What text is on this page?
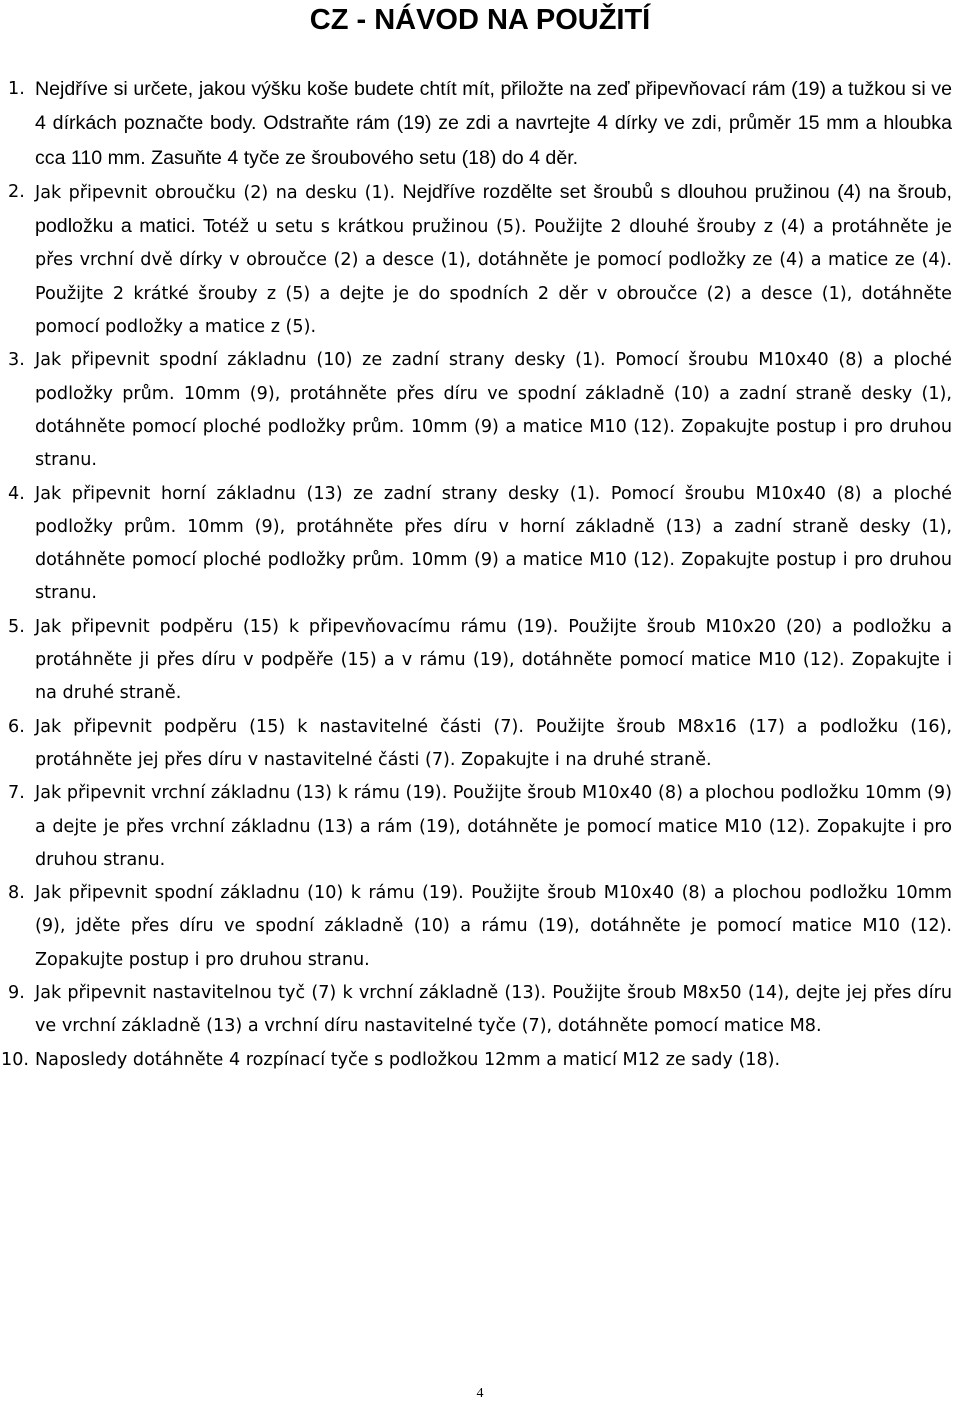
CZ - NÁVOD NA POUŽITÍ
1. Nejdříve si určete, jakou výšku koše budete chtít mít, přiložte na zeď připevňovací rám (19) a tužkou si ve 4 dírkách poznačte body. Odstraňte rám (19) ze zdi a navrtejte 4 dírky ve zdi, průměr 15 mm a hloubka cca 110 mm. Zasuňte 4 tyče ze šroubového setu (18) do 4 děr.
2. Jak připevnit obroučku (2) na desku (1). Nejdříve rozdělte set šroubů s dlouhou pružinou (4) na šroub, podložku a matici. Totéž u setu s krátkou pružinou (5). Použijte 2 dlouhé šrouby z (4) a protáhněte je přes vrchní dvě dírky v obroučce (2) a desce (1), dotáhněte je pomocí podložky ze (4) a matice ze (4). Použijte 2 krátké šrouby z (5) a dejte je do spodních 2 děr v obroučce (2) a desce (1), dotáhněte pomocí podložky a matice z (5).
3. Jak připevnit spodní základnu (10) ze zadní strany desky (1). Pomocí šroubu M10x40 (8) a ploché podložky prům. 10mm (9), protáhněte přes díru ve spodní základně (10) a zadní straně desky (1), dotáhněte pomocí ploché podložky prům. 10mm (9) a matice M10 (12). Zopakujte postup i pro druhou stranu.
4. Jak připevnit horní základnu (13) ze zadní strany desky (1). Pomocí šroubu M10x40 (8) a ploché podložky prům. 10mm (9), protáhněte přes díru v horní základně (13) a zadní straně desky (1), dotáhněte pomocí ploché podložky prům. 10mm (9) a matice M10 (12). Zopakujte postup i pro druhou stranu.
5. Jak připevnit podpěru (15) k připevňovacímu rámu (19). Použijte šroub M10x20 (20) a podložku a protáhněte ji přes díru v podpěře (15) a v rámu (19), dotáhněte pomocí matice M10 (12). Zopakujte i na druhé straně.
6. Jak připevnit podpěru (15) k nastavitelné části (7). Použijte šroub M8x16 (17) a podložku (16), protáhněte jej přes díru v nastavitelné části (7). Zopakujte i na druhé straně.
7. Jak připevnit vrchní základnu (13) k rámu (19). Použijte šroub M10x40 (8) a plochou podložku 10mm (9) a dejte je přes vrchní základnu (13) a rám (19), dotáhněte je pomocí matice M10 (12). Zopakujte i pro druhou stranu.
8. Jak připevnit spodní základnu (10) k rámu (19). Použijte šroub M10x40 (8) a plochou podložku 10mm (9), jděte přes díru ve spodní základně (10) a rámu (19), dotáhněte je pomocí matice M10 (12). Zopakujte postup i pro druhou stranu.
9. Jak připevnit nastavitelnou tyč (7) k vrchní základně (13). Použijte šroub M8x50 (14), dejte jej přes díru ve vrchní základně (13) a vrchní díru nastavitelné tyče (7), dotáhněte pomocí matice M8.
10. Naposledy dotáhněte 4 rozpínací tyče s podložkou 12mm a maticí M12 ze sady (18).
4
